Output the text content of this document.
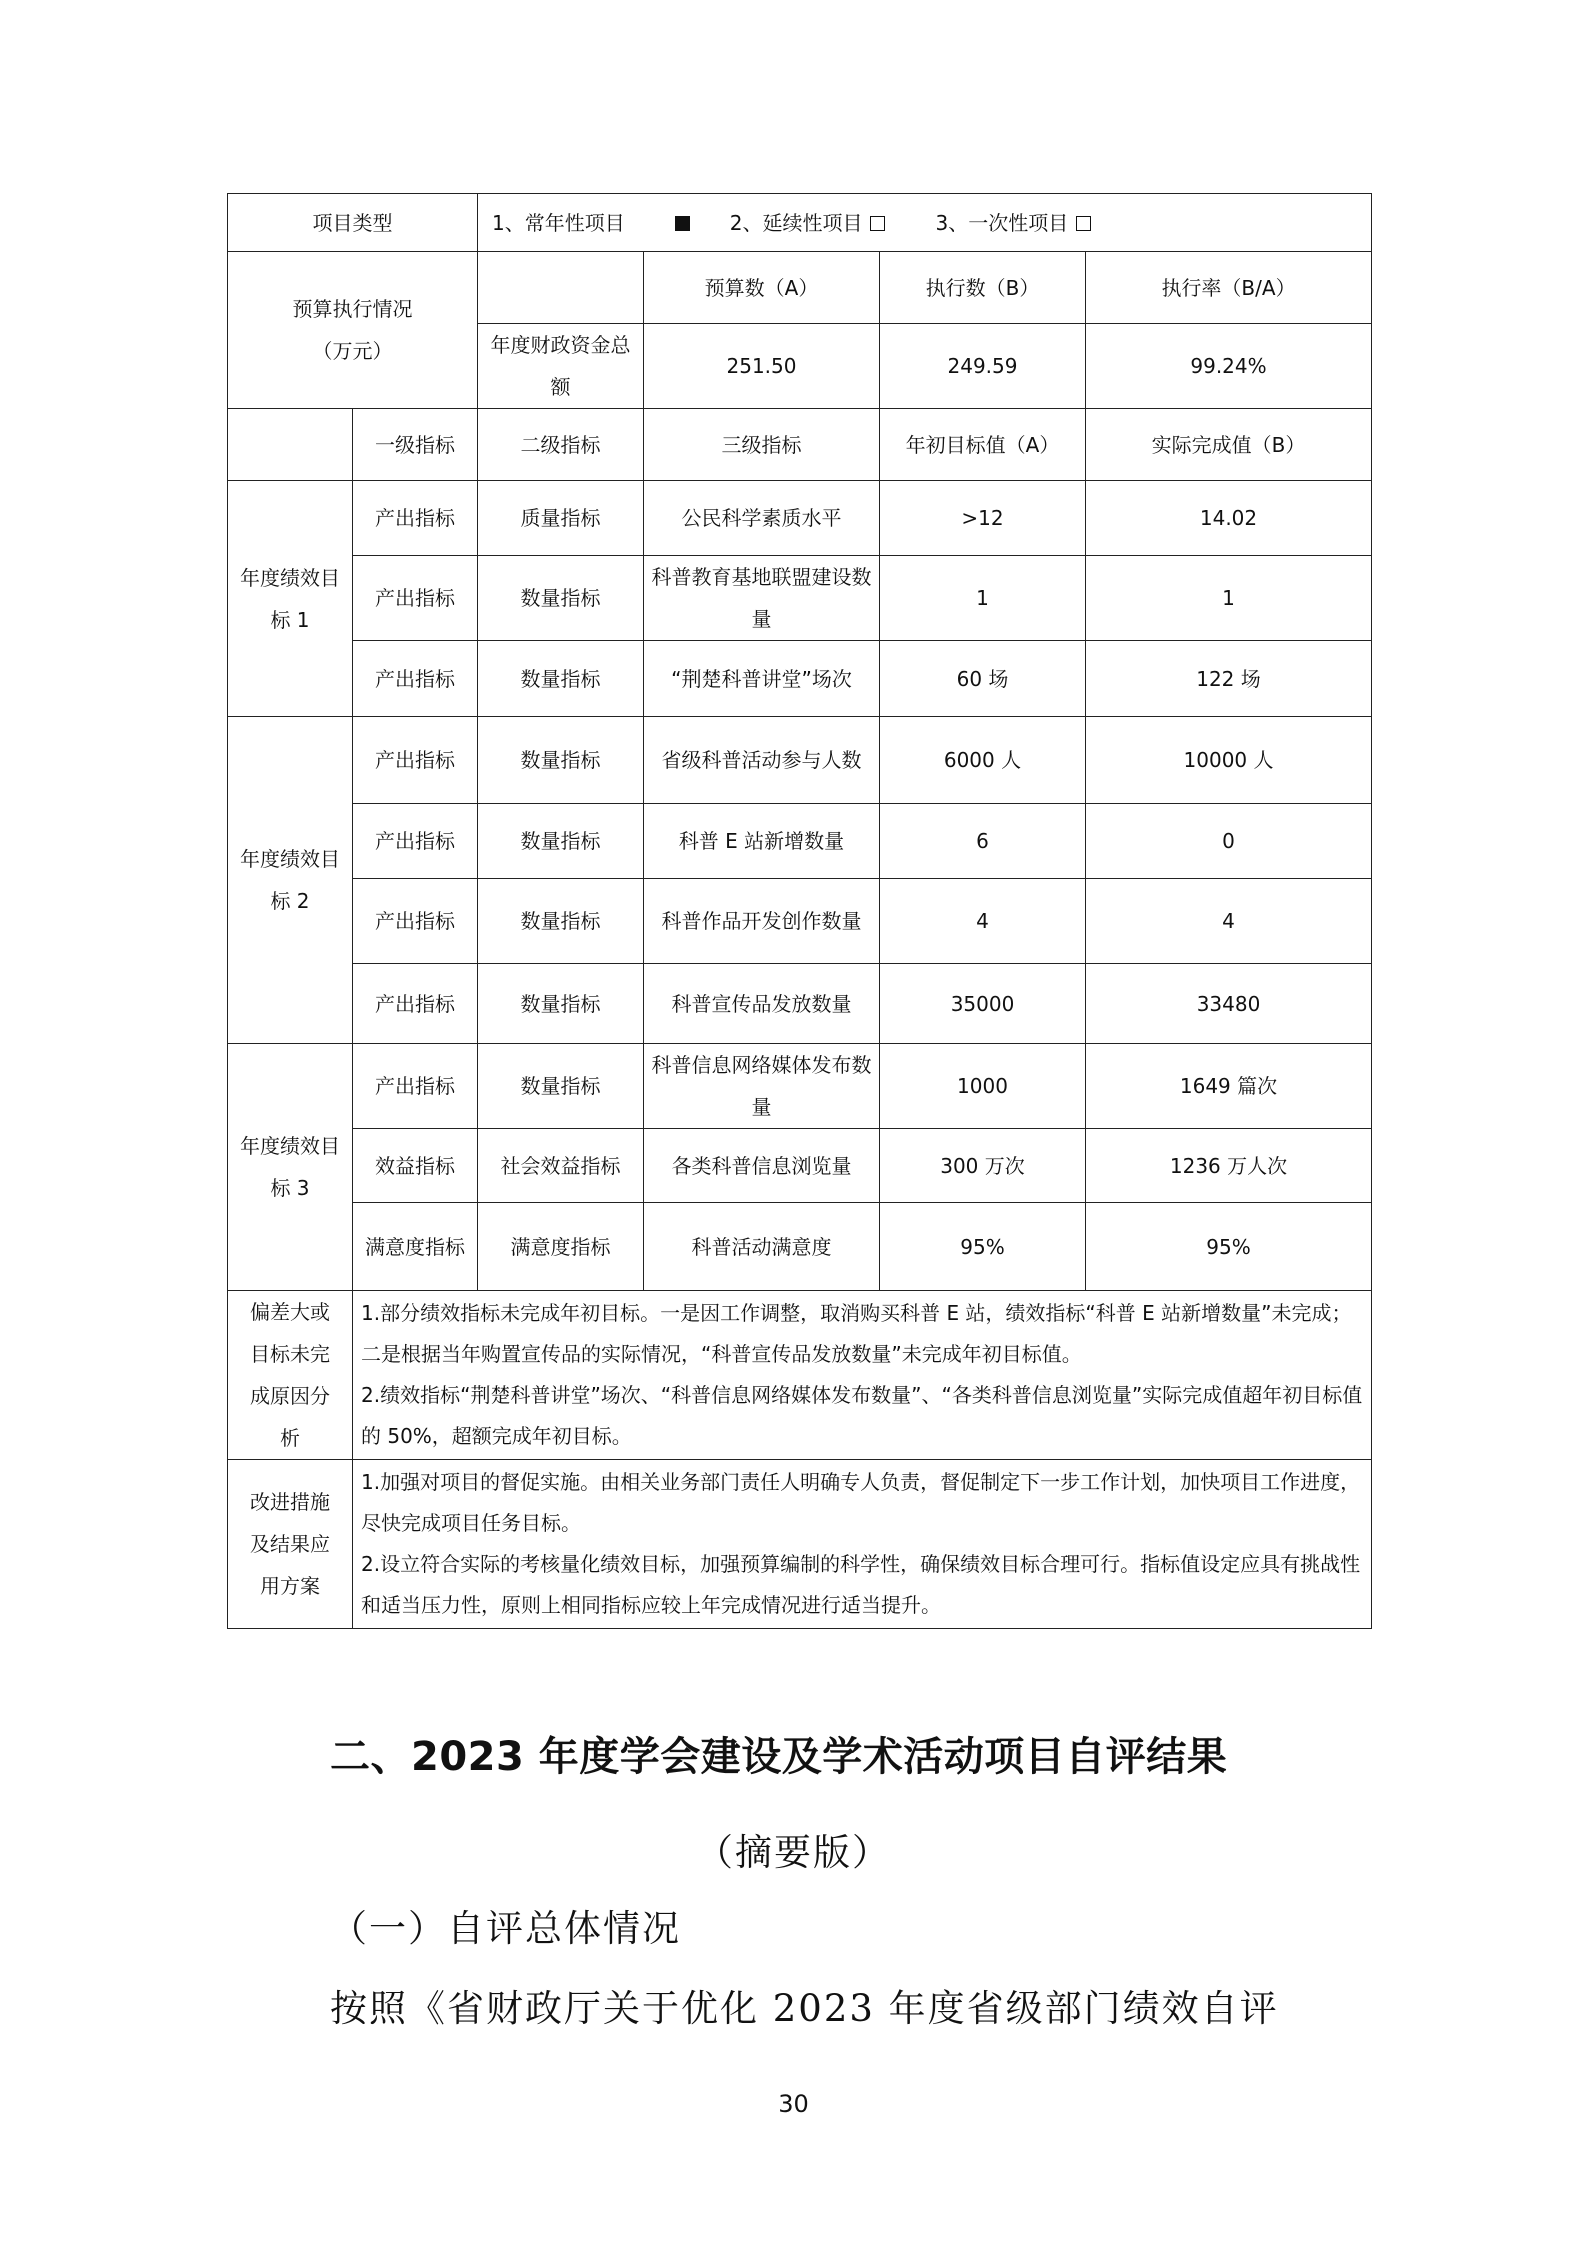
项目类型		1、常年性项目 2、延续性项目 3、一次性项目			
预算执行情况
（万元）			预算数（A）	执行数（B）	执行率（B/A）
		年度财政资金总额	251.50	249.59	99.24%
	一级指标	二级指标	三级指标	年初目标值（A）	实际完成值（B）
年度绩效目标 1	产出指标	质量指标	公民科学素质水平	>12	14.02
	产出指标	数量指标	科普教育基地联盟建设数量	1	1
	产出指标	数量指标	“荆楚科普讲堂”场次	60 场	122 场
年度绩效目标 2	产出指标	数量指标	省级科普活动参与人数	6000 人	10000 人
	产出指标	数量指标	科普 E 站新增数量	6	0
	产出指标	数量指标	科普作品开发创作数量	4	4
	产出指标	数量指标	科普宣传品发放数量	35000	33480
年度绩效目标 3	产出指标	数量指标	科普信息网络媒体发布数量	1000	1649 篇次
	效益指标	社会效益指标	各类科普信息浏览量	300 万次	1236 万人次
	满意度指标	满意度指标	科普活动满意度	95%	95%
偏差大或目标未完成原因分析	1.部分绩效指标未完成年初目标。一是因工作调整，取消购买科普 E 站，绩效指标“科普 E 站新增数量”未完成；二是根据当年购置宣传品的实际情况，“科普宣传品发放数量”未完成年初目标值。

2.绩效指标“荆楚科普讲堂”场次、“科普信息网络媒体发布数量”、“各类科普信息浏览量”实际完成值超年初目标值的 50%，超额完成年初目标。				

改进措施及结果应用方案	1.加强对项目的督促实施。由相关业务部门责任人明确专人负责，督促制定下一步工作计划，加快项目工作进度，尽快完成项目任务目标。

2.设立符合实际的考核量化绩效目标，加强预算编制的科学性，确保绩效目标合理可行。指标值设定应具有挑战性和适当压力性，原则上相同指标应较上年完成情况进行适当提升。				

二、2023 年度学会建设及学术活动项目自评结果
（摘要版）
（一）自评总体情况
按照《省财政厅关于优化 2023 年度省级部门绩效自评
30
